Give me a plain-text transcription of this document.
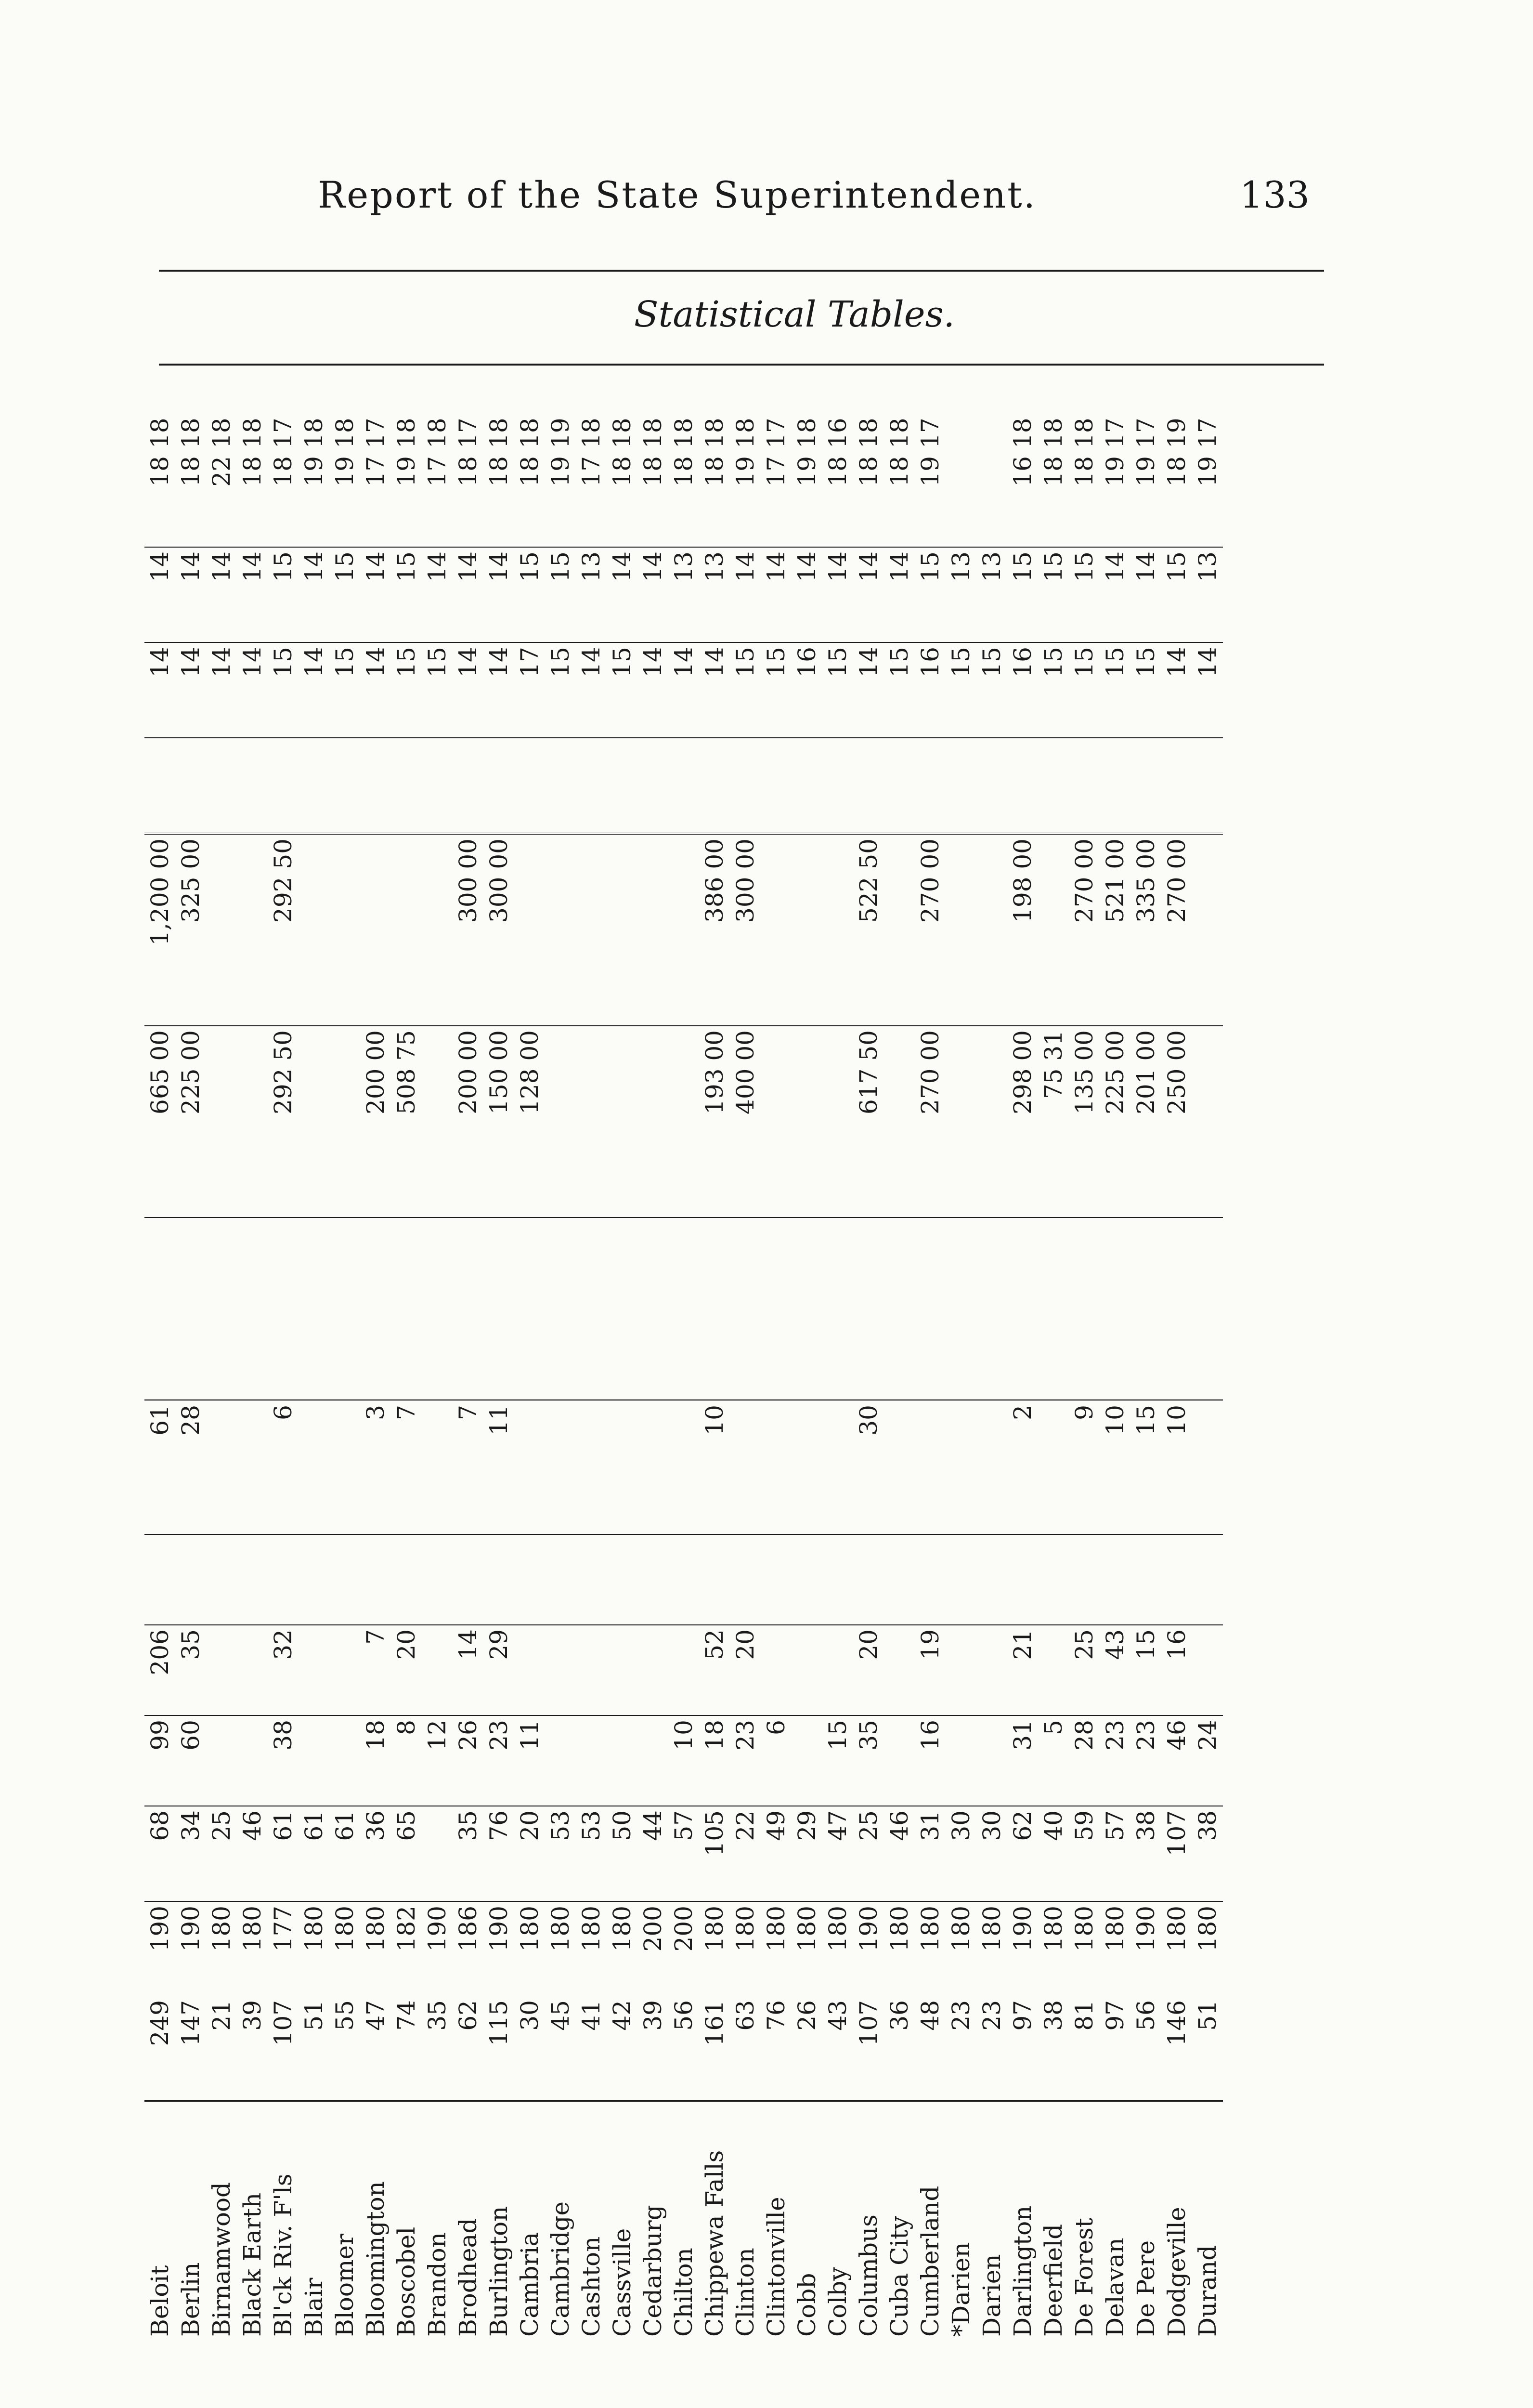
Report of the State Superintendent.	133
Statistical Tables.
Beloit	249	190	68	99	206		61		665 00	1,200 00		14	14	18	18
Berlin	147	190	34	60	35		28		225 00	325 00		14	14	18	18
Birnamwood	21	180	25									14	14	22	18
Black Earth	39	180	46									14	14	18	18
Bl'ck Riv. F'ls	107	177	61	38	32		6		292 50	292 50		15	15	18	17
Blair	51	180	61									14	14	19	18
Bloomer	55	180	61									15	15	19	18
Bloomington	47	180	36	18	7		3		200 00			14	14	17	17
Boscobel	74	182	65	8	20		7		508 75			15	15	19	18
Brandon	35	190		12								15	14	17	18
Brodhead	62	186	35	26	14		7		200 00	300 00		14	14	18	17
Burlington	115	190	76	23	29		11		150 00	300 00		14	14	18	18
Cambria	30	180	20	11					128 00			17	15	18	18
Cambridge	45	180	53									15	15	19	19
Cashton	41	180	53									14	13	17	18
Cassville	42	180	50									15	14	18	18
Cedarburg	39	200	44									14	14	18	18
Chilton	56	200	57	10								14	13	18	18
Chippewa Falls	161	180	105	18	52		10		193 00	386 00		14	13	18	18
Clinton	63	180	22	23	20				400 00	300 00		15	14	19	18
Clintonville	76	180	49	6								15	14	17	17
Cobb	26	180	29									16	14	19	18
Colby	43	180	47	15								15	14	18	16
Columbus	107	190	25	35	20		30		617 50	522 50		14	14	18	18
Cuba City	36	180	46									15	14	18	18
Cumberland	48	180	31	16	19				270 00	270 00		16	15	19	17
*Darien	23	180	30									15	13		
Darien	23	180	30									15	13		
Darlington	97	190	62	31	21		2		298 00	198 00		16	15	16	18
Deerfield	38	180	40	5					75 31			15	15	18	18
De Forest	81	180	59	28	25		9		135 00	270 00		15	15	18	18
Delavan	97	180	57	23	43		10		225 00	521 00		15	14	19	17
De Pere	56	190	38	23	15		15		201 00	335 00		15	14	19	17
Dodgeville	146	180	107	46	16		10		250 00	270 00		14	15	18	19
Durand	51	180	38	24								14	13	19	17
